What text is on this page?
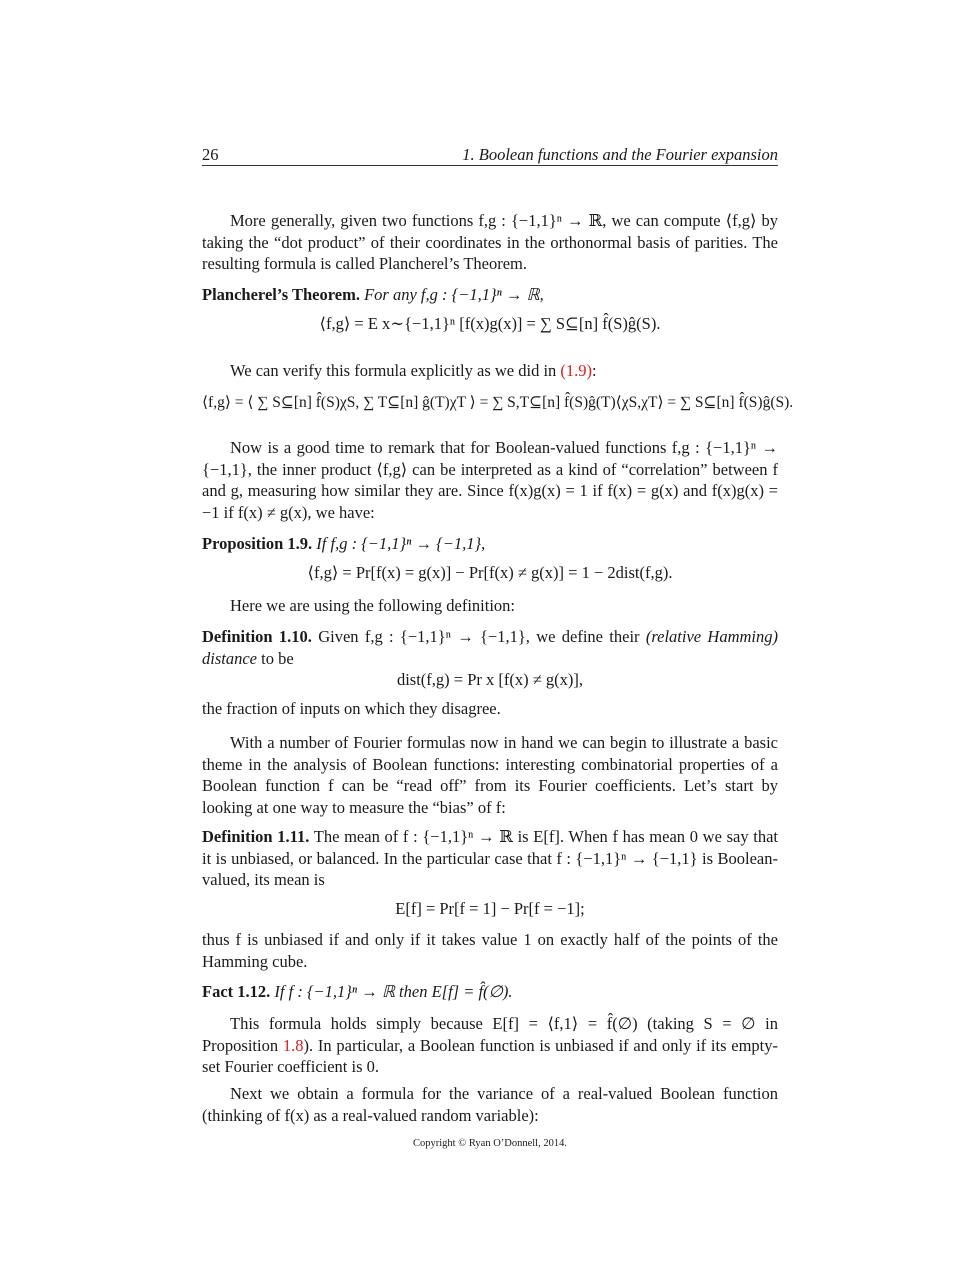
26	1. Boolean functions and the Fourier expansion
More generally, given two functions f,g : {−1,1}ⁿ → ℝ, we can compute ⟨f,g⟩ by taking the “dot product” of their coordinates in the orthonormal basis of parities. The resulting formula is called Plancherel’s Theorem.
Plancherel’s Theorem. For any f,g : {−1,1}ⁿ → ℝ,
⟨f,g⟩ = E x∼{−1,1}ⁿ [f(x)g(x)] = ∑ S⊆[n] f̂(S)ĝ(S).
We can verify this formula explicitly as we did in (1.9):
⟨f,g⟩ = ⟨ ∑ S⊆[n] f̂(S)χS, ∑ T⊆[n] ĝ(T)χT ⟩ = ∑ S,T⊆[n] f̂(S)ĝ(T)⟨χS,χT⟩ = ∑ S⊆[n] f̂(S)ĝ(S).
Now is a good time to remark that for Boolean-valued functions f,g : {−1,1}ⁿ → {−1,1}, the inner product ⟨f,g⟩ can be interpreted as a kind of “correlation” between f and g, measuring how similar they are. Since f(x)g(x) = 1 if f(x) = g(x) and f(x)g(x) = −1 if f(x) ≠ g(x), we have:
Proposition 1.9. If f,g : {−1,1}ⁿ → {−1,1},
⟨f,g⟩ = Pr[f(x) = g(x)] − Pr[f(x) ≠ g(x)] = 1 − 2dist(f,g).
Here we are using the following definition:
Definition 1.10. Given f,g : {−1,1}ⁿ → {−1,1}, we define their (relative Hamming) distance to be
dist(f,g) = Pr x [f(x) ≠ g(x)],
the fraction of inputs on which they disagree.
With a number of Fourier formulas now in hand we can begin to illustrate a basic theme in the analysis of Boolean functions: interesting combinatorial properties of a Boolean function f can be “read off” from its Fourier coefficients. Let’s start by looking at one way to measure the “bias” of f:
Definition 1.11. The mean of f : {−1,1}ⁿ → ℝ is E[f]. When f has mean 0 we say that it is unbiased, or balanced. In the particular case that f : {−1,1}ⁿ → {−1,1} is Boolean-valued, its mean is
E[f] = Pr[f = 1] − Pr[f = −1];
thus f is unbiased if and only if it takes value 1 on exactly half of the points of the Hamming cube.
Fact 1.12. If f : {−1,1}ⁿ → ℝ then E[f] = f̂(∅).
This formula holds simply because E[f] = ⟨f,1⟩ = f̂(∅) (taking S = ∅ in Proposition 1.8). In particular, a Boolean function is unbiased if and only if its empty-set Fourier coefficient is 0.
Next we obtain a formula for the variance of a real-valued Boolean function (thinking of f(x) as a real-valued random variable):
Copyright © Ryan O’Donnell, 2014.
